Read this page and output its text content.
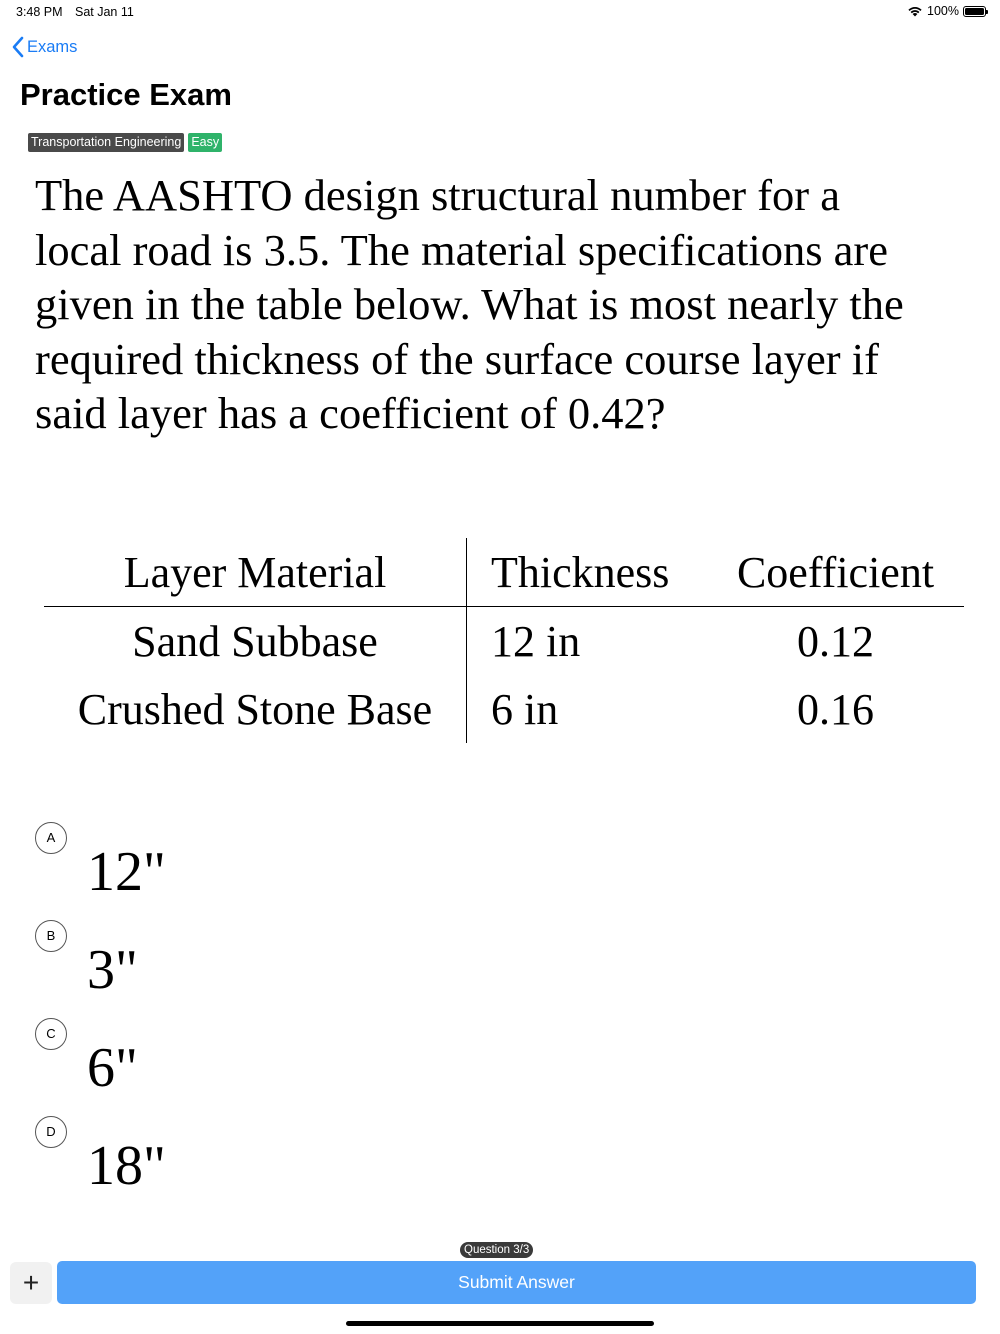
3:48 PM Sat Jan 11	100%
Exams
Practice Exam
Transportation Engineering Easy

The AASHTO design structural number for a local road is 3.5. The material specifications are given in the table below. What is most nearly the required thickness of the surface course layer if said layer has a coefficient of 0.42?

Layer Material	Thickness	Coefficient
Sand Subbase	12 in	0.12
Crushed Stone Base	6 in	0.16
A
12"
B
3"
C
6"
D
18"
Question 3/3
+	Submit Answer
